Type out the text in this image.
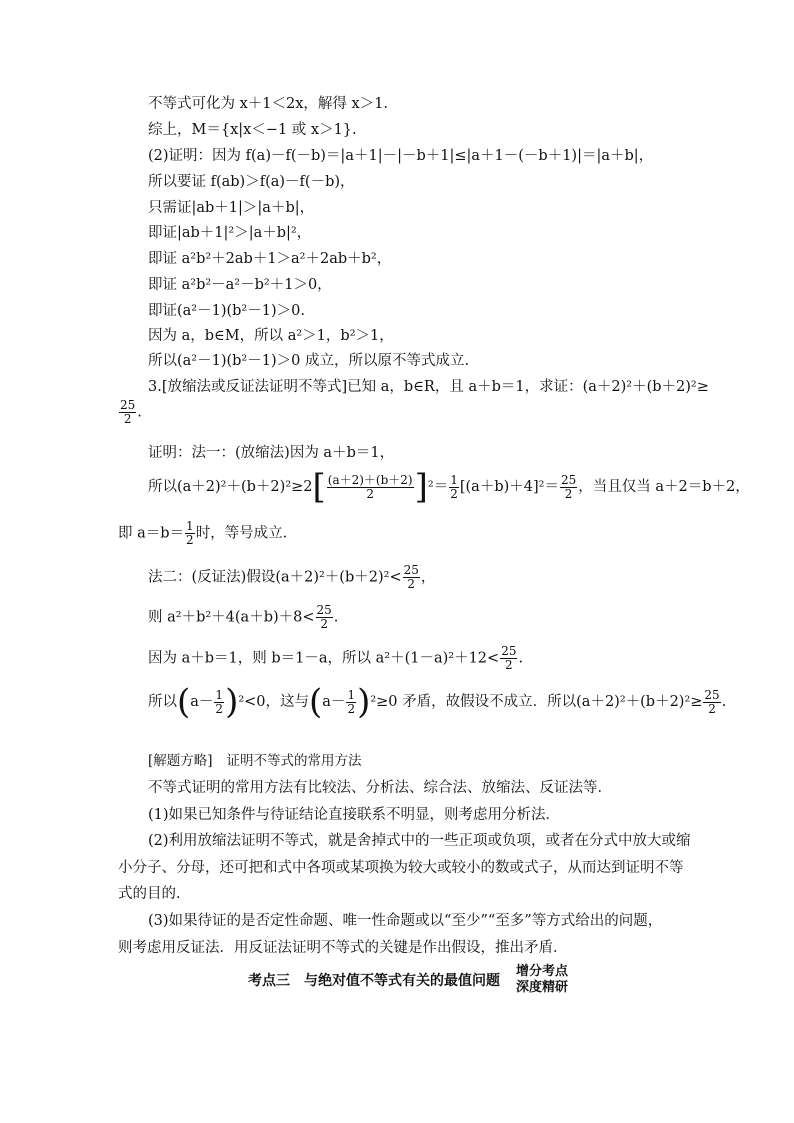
不等式可化为 x＋1＜2x，解得 x＞1.
综上，M＝{x|x＜−1 或 x＞1}.
(2)证明：因为 f(a)－f(－b)＝|a＋1|－|－b＋1|≤|a＋1－(－b＋1)|＝|a＋b|，
所以要证 f(ab)＞f(a)－f(－b)，
只需证|ab＋1|＞|a＋b|，
即证|ab＋1|²＞|a＋b|²，
即证 a²b²＋2ab＋1＞a²＋2ab＋b²，
即证 a²b²－a²－b²＋1＞0，
即证(a²－1)(b²－1)＞0.
因为 a，b∈M，所以 a²＞1，b²＞1，
所以(a²－1)(b²－1)＞0 成立，所以原不等式成立.
3.[放缩法或反证法证明不等式]已知 a，b∈R，且 a＋b＝1，求证：(a＋2)²＋(b＋2)²≥
$\frac{25}{2}$ .
证明：法一：(放缩法)因为 a＋b＝1，
所以$(a+2)^2+(b+2)^2\ge 2[ \frac{(a+2)+(b+2)}{2} ]^2= \frac{1}{2} [(a+b)+4]^2= \frac{25}{2}$ ，当且仅当 a＋2＝b＋2，
即 $a=b= \frac{1}{2}$ 时，等号成立.
法二：(反证法)假设$(a+2)^2+(b+2)^2< \frac{25}{2}$ ，
则 $a^2+b^2+4(a+b)+8< \frac{25}{2}$ .
因为 a＋b＝1，则 b＝1－a，所以 $a^2+(1-a)^2+12< \frac{25}{2}$ .
所以$(a- \frac{1}{2} )^2<0$，这与$(a- \frac{1}{2} )^2\ge 0$ 矛盾，故假设不成立．所以$(a+2)^2+(b+2)^2\ge \frac{25}{2}$ .
[解题方略] 证明不等式的常用方法
不等式证明的常用方法有比较法、分析法、综合法、放缩法、反证法等．
(1)如果已知条件与待证结论直接联系不明显，则考虑用分析法．
(2)利用放缩法证明不等式，就是舍掉式中的一些正项或负项，或者在分式中放大或缩
小分子、分母，还可把和式中各项或某项换为较大或较小的数或式子，从而达到证明不等
式的目的．
(3)如果待证的是否定性命题、唯一性命题或以“至少”“至多”等方式给出的问题，
则考虑用反证法．用反证法证明不等式的关键是作出假设，推出矛盾．
考点三　与绝对值不等式有关的最值问题
增分考点
深度精研
